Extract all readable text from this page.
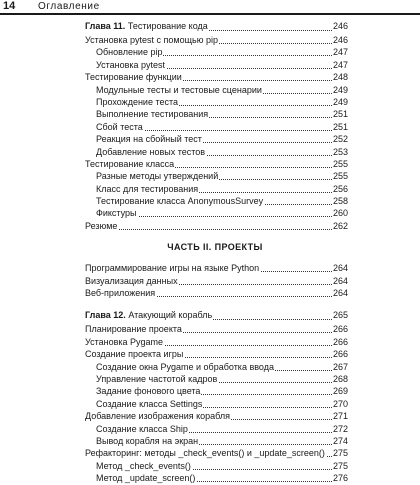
14 Оглавление
Глава 11. Тестирование кода	246
Установка pytest с помощью pip	246
Обновление pip	247
Установка pytest	247
Тестирование функции	248
Модульные тесты и тестовые сценарии	249
Прохождение теста	249
Выполнение тестирования	251
Сбой теста	251
Реакция на сбойный тест	252
Добавление новых тестов	253
Тестирование класса	255
Разные методы утверждений	255
Класс для тестирования	256
Тестирование класса AnonymousSurvey	258
Фикстуры	260
Резюме	262
ЧАСТЬ II. ПРОЕКТЫ
Программирование игры на языке Python	264
Визуализация данных	264
Веб-приложения	264
Глава 12. Атакующий корабль	265
Планирование проекта	266
Установка Pygame	266
Создание проекта игры	266
Создание окна Pygame и обработка ввода	267
Управление частотой кадров	268
Задание фонового цвета	269
Создание класса Settings	270
Добавление изображения корабля	271
Создание класса Ship	272
Вывод корабля на экран	274
Рефакторинг: методы _check_events() и _update_screen() 275
Метод _check_events()	275
Метод _update_screen()	276
